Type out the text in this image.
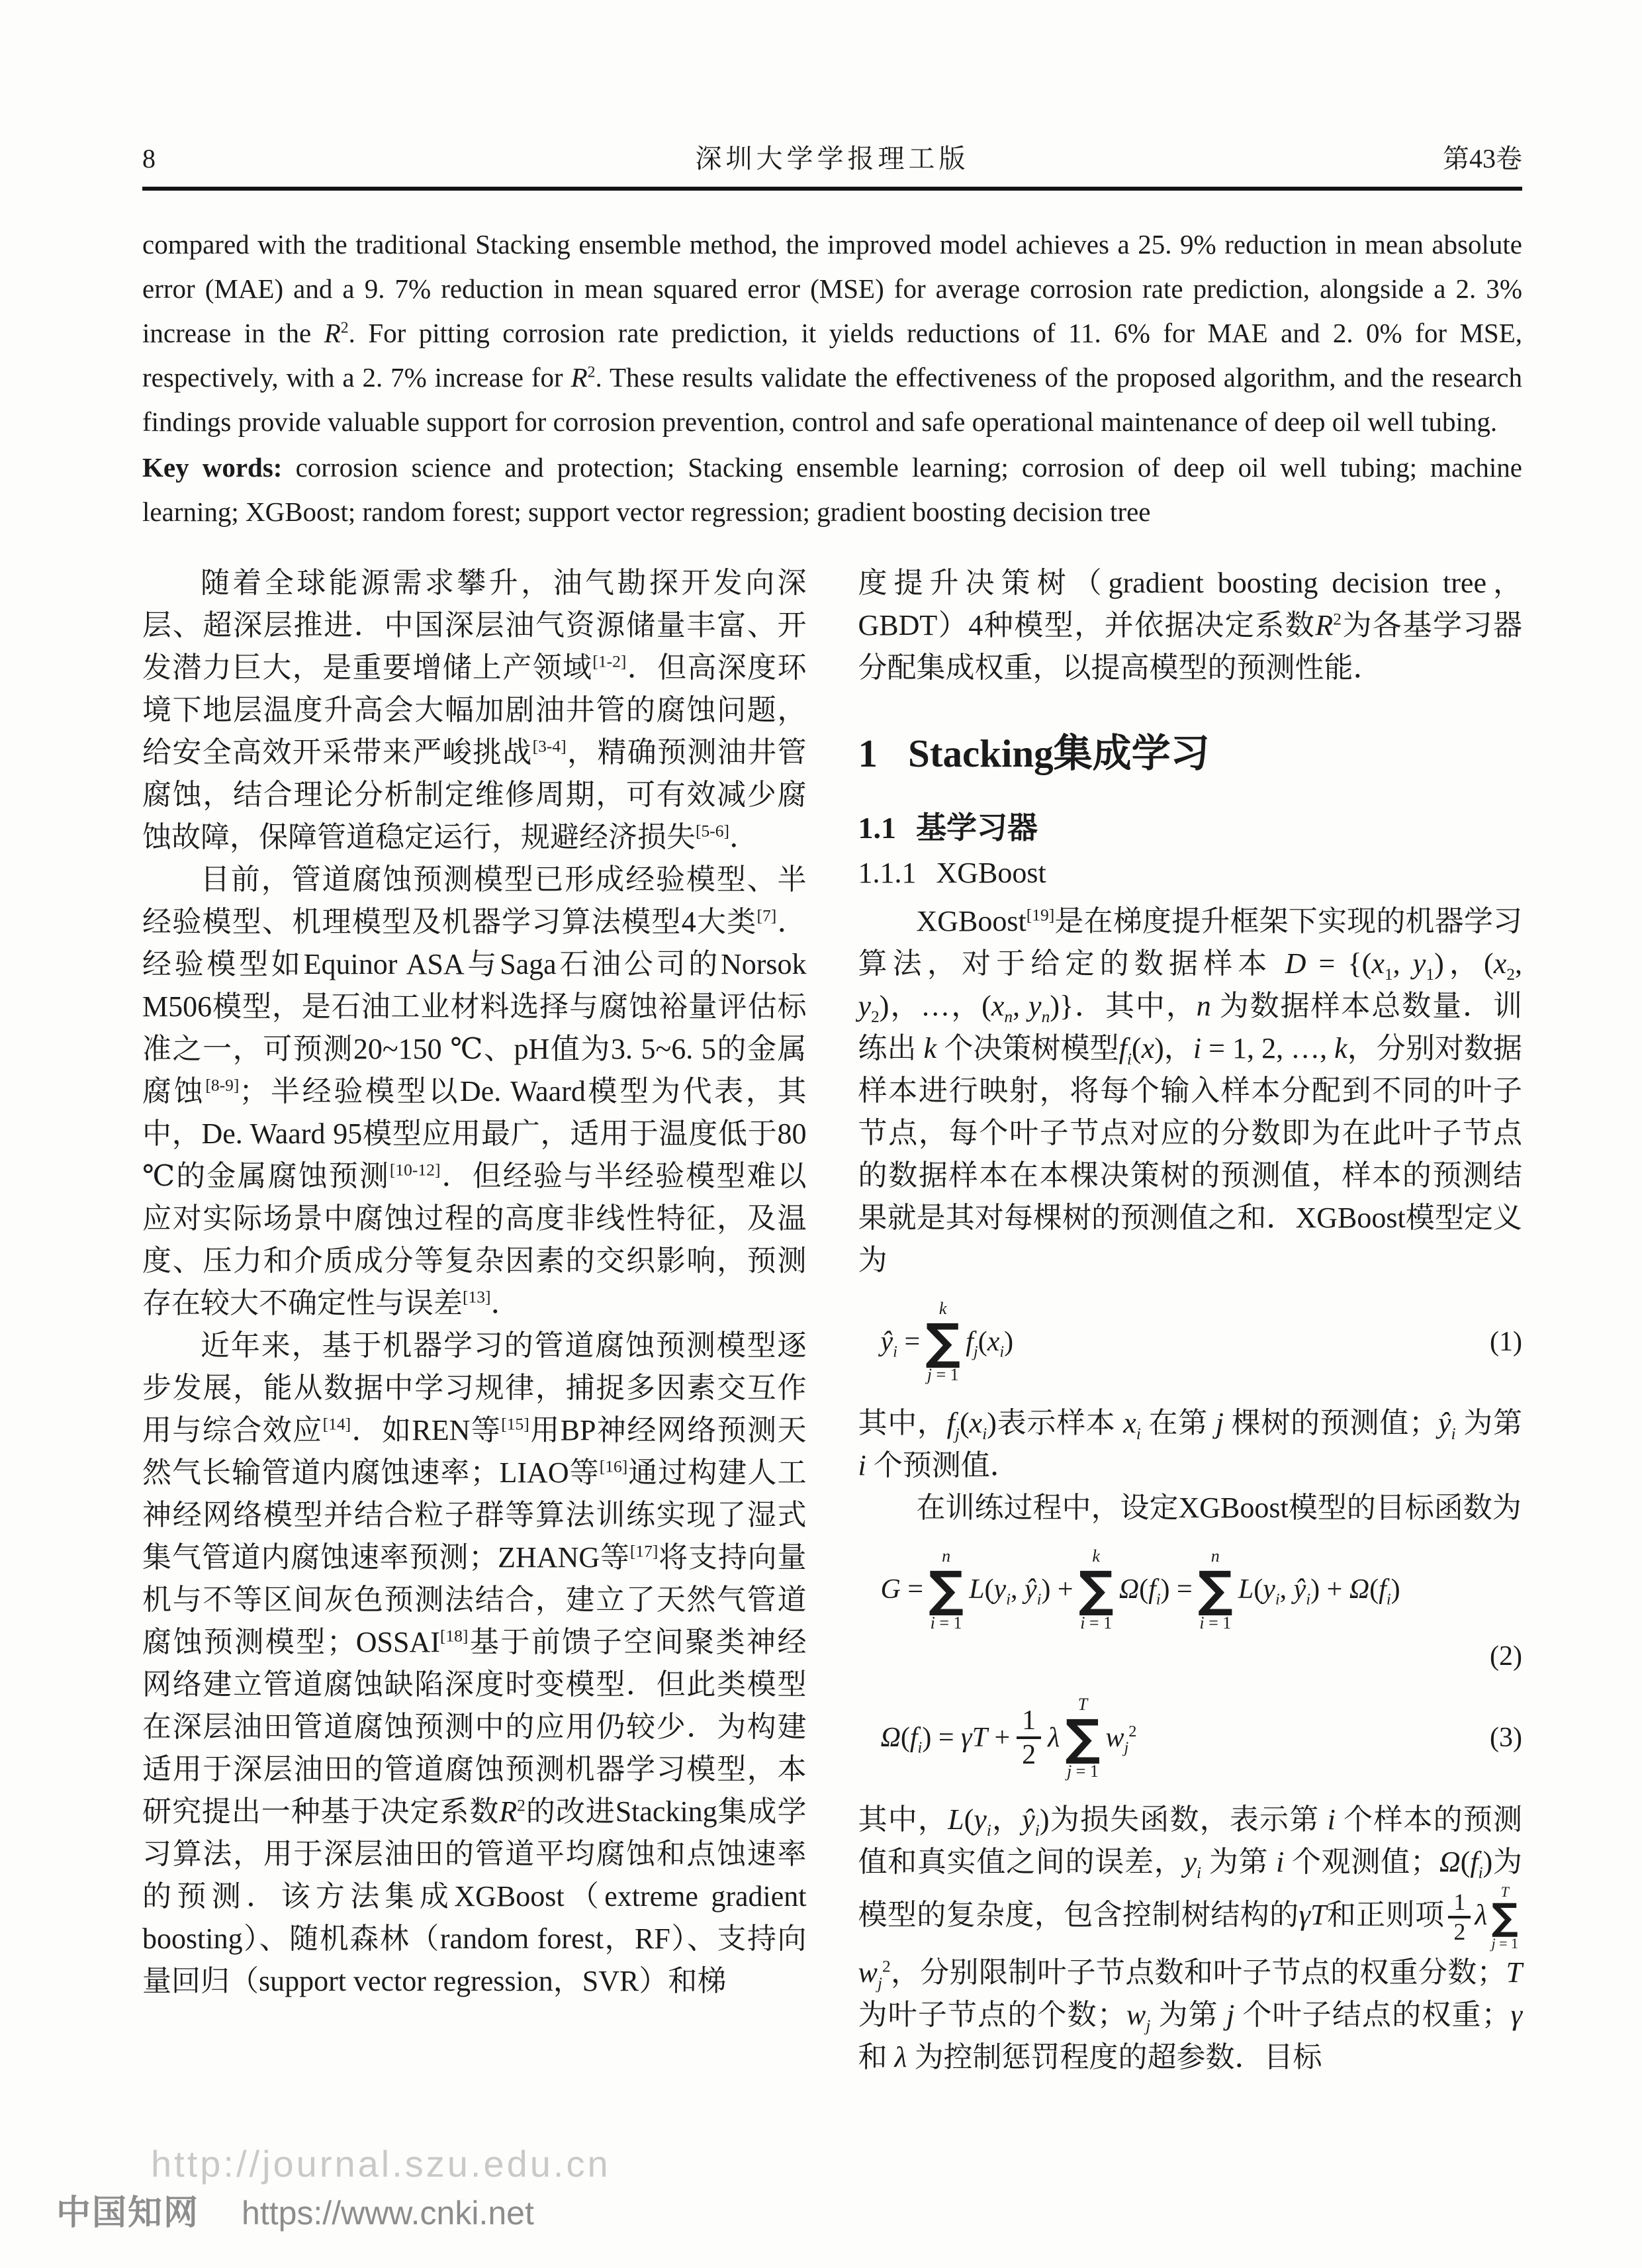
8	深圳大学学报理工版	第43卷

compared with the traditional Stacking ensemble method, the improved model achieves a 25. 9% reduction in mean absolute error (MAE) and a 9. 7% reduction in mean squared error (MSE) for average corrosion rate prediction, alongside a 2. 3% increase in the $R^2$. For pitting corrosion rate prediction, it yields reductions of 11. 6% for MAE and 2. 0% for MSE, respectively, with a 2. 7% increase for $R^2$. These results validate the effectiveness of the proposed algorithm, and the research findings provide valuable support for corrosion prevention, control and safe operational maintenance of deep oil well tubing.

Key words: corrosion science and protection; Stacking ensemble learning; corrosion of deep oil well tubing; machine learning; XGBoost; random forest; support vector regression; gradient boosting decision tree

随着全球能源需求攀升，油气勘探开发向深层、超深层推进．中国深层油气资源储量丰富、开发潜力巨大，是重要增储上产领域[1-2]．但高深度环境下地层温度升高会大幅加剧油井管的腐蚀问题，给安全高效开采带来严峻挑战[3-4]，精确预测油井管腐蚀，结合理论分析制定维修周期，可有效减少腐蚀故障，保障管道稳定运行，规避经济损失[5-6]．

目前，管道腐蚀预测模型已形成经验模型、半经验模型、机理模型及机器学习算法模型4大类[7]．经验模型如Equinor ASA与Saga石油公司的Norsok M506模型，是石油工业材料选择与腐蚀裕量评估标准之一，可预测20~150 ℃、pH值为3. 5~6. 5的金属腐蚀[8-9]；半经验模型以De. Waard模型为代表，其中，De. Waard 95模型应用最广，适用于温度低于80 ℃的金属腐蚀预测[10-12]．但经验与半经验模型难以应对实际场景中腐蚀过程的高度非线性特征，及温度、压力和介质成分等复杂因素的交织影响，预测存在较大不确定性与误差[13]．

近年来，基于机器学习的管道腐蚀预测模型逐步发展，能从数据中学习规律，捕捉多因素交互作用与综合效应[14]．如REN等[15]用BP神经网络预测天然气长输管道内腐蚀速率；LIAO等[16]通过构建人工神经网络模型并结合粒子群等算法训练实现了湿式集气管道内腐蚀速率预测；ZHANG等[17]将支持向量机与不等区间灰色预测法结合，建立了天然气管道腐蚀预测模型；OSSAI[18]基于前馈子空间聚类神经网络建立管道腐蚀缺陷深度时变模型．但此类模型在深层油田管道腐蚀预测中的应用仍较少．为构建适用于深层油田的管道腐蚀预测机器学习模型，本研究提出一种基于决定系数$R^2$的改进Stacking集成学习算法，用于深层油田的管道平均腐蚀和点蚀速率的预测．该方法集成XGBoost（extreme gradient boosting）、随机森林（random forest，RF）、支持向量回归（support vector regression，SVR）和梯

度提升决策树（gradient boosting decision tree，GBDT）4种模型，并依据决定系数$R^2$为各基学习器分配集成权重，以提高模型的预测性能．

1 Stacking集成学习

1.1 基学习器

1.1.1 XGBoost

XGBoost[19]是在梯度提升框架下实现的机器学习算法，对于给定的数据样本 $D = \{(x_1$, $y_1$)，($x_2$, $y_2$)，…，($x_n$, $y_n$)}．其中，n 为数据样本总数量．训练出 k 个决策树模型$f_i(x)$，i = 1, 2, …, k，分别对数据样本进行映射，将每个输入样本分配到不同的叶子节点，每个叶子节点对应的分数即为在此叶子节点的数据样本在本棵决策树的预测值，样本的预测结果就是其对每棵树的预测值之和．XGBoost模型定义为

$ŷ_i$ =
k
∑
j = 1
$f_j(x_i)$	(1)

其中，$f_j(x_i)$表示样本 $x_i$ 在第 j 棵树的预测值；$ŷ_i$ 为第 i 个预测值．

在训练过程中，设定XGBoost模型的目标函数为

G =
n
∑
i = 1
$L(y_i$, $ŷ_i$) +
k
∑
i = 1
$\Omega(f_i)$ =
n
∑
i = 1
$L(y_i$, $ŷ_i) + \Omega(f_i)$
(2)
$\Omega(f_i) = \gamma T + \frac{1}{2}$ λ
T
∑
j = 1
$w_j^2$	(3)

其中，$L(y_i$，$ŷ_i$)为损失函数，表示第 i 个样本的预测值和真实值之间的误差，$y_i$ 为第 i 个观测值；$\Omega(f_i)$为模型的复杂度，包含控制树结构的γT和正则项 $\frac{1}{2}$ λ
T
∑
j = 1
$w_j^2$，分别限制叶子节点数和叶子节点的权重分数；T 为叶子节点的个数；$w_j$ 为第 j 个叶子结点的权重；γ 和 λ 为控制惩罚程度的超参数．目标

http://journal.szu.edu.cn
中国知网 https://www.cnki.net
